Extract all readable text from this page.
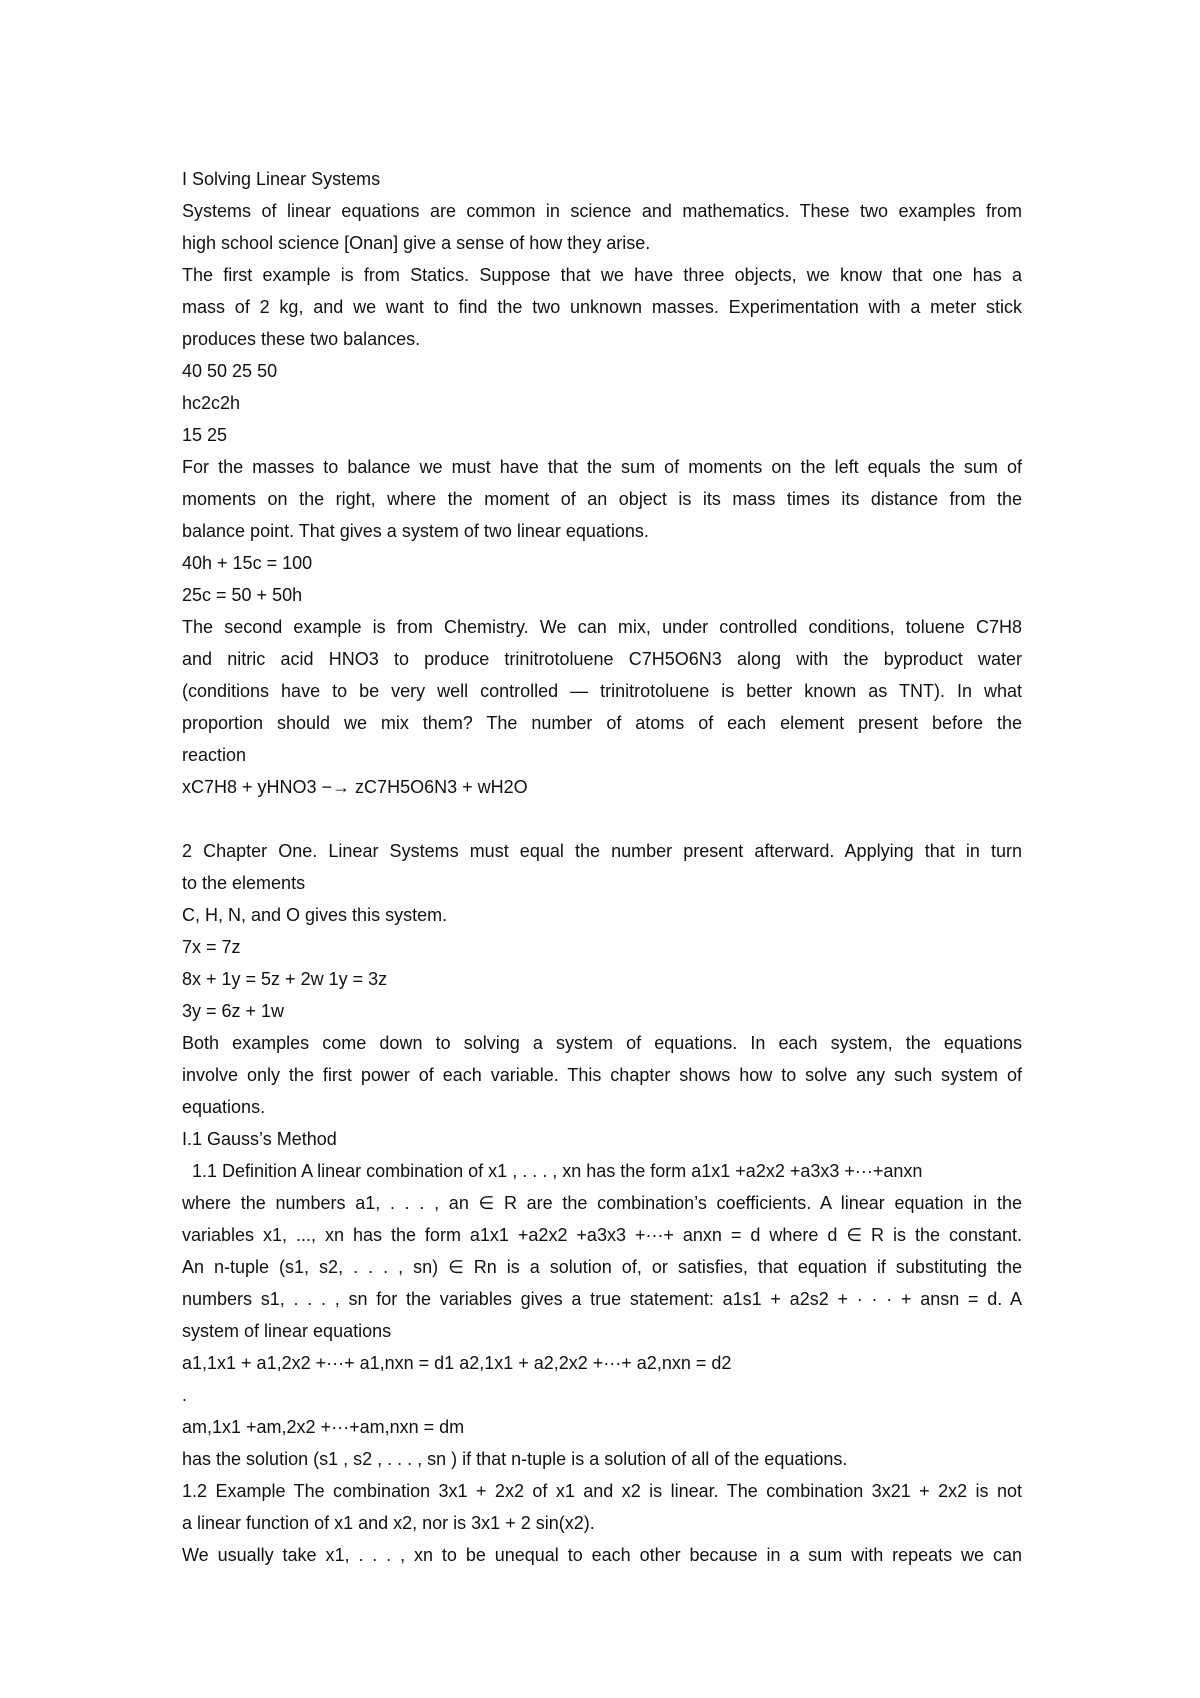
I Solving Linear Systems
Systems of linear equations are common in science and mathematics. These two examples from
high school science [Onan] give a sense of how they arise.
The first example is from Statics. Suppose that we have three objects, we know that one has a
mass of 2 kg, and we want to find the two unknown masses. Experimentation with a meter stick
produces these two balances.
40 50 25 50
hc2c2h
15 25
For the masses to balance we must have that the sum of moments on the left equals the sum of
moments on the right, where the moment of an object is its mass times its distance from the
balance point. That gives a system of two linear equations.
40h + 15c = 100
25c = 50 + 50h
The second example is from Chemistry. We can mix, under controlled conditions, toluene C7H8
and nitric acid HNO3 to produce trinitrotoluene C7H5O6N3 along with the byproduct water
(conditions have to be very well controlled — trinitrotoluene is better known as TNT). In what
proportion should we mix them? The number of atoms of each element present before the
reaction
xC7H8 + yHNO3 −→ zC7H5O6N3 + wH2O
2 Chapter One. Linear Systems must equal the number present afterward. Applying that in turn
to the elements
C, H, N, and O gives this system.
7x = 7z
8x + 1y = 5z + 2w 1y = 3z
3y = 6z + 1w
Both examples come down to solving a system of equations. In each system, the equations
involve only the first power of each variable. This chapter shows how to solve any such system of
equations.
I.1 Gauss’s Method
1.1 Definition A linear combination of x1 , . . . , xn has the form a1x1 +a2x2 +a3x3 +···+anxn
where the numbers a1, . . . , an ∈ R are the combination’s coefficients. A linear equation in the
variables x1, ..., xn has the form a1x1 +a2x2 +a3x3 +···+ anxn = d where d ∈ R is the constant.
An n-tuple (s1, s2, . . . , sn) ∈ Rn is a solution of, or satisfies, that equation if substituting the
numbers s1, . . . , sn for the variables gives a true statement: a1s1 + a2s2 + · · · + ansn = d. A
system of linear equations
a1,1x1 + a1,2x2 +···+ a1,nxn = d1 a2,1x1 + a2,2x2 +···+ a2,nxn = d2
.
am,1x1 +am,2x2 +···+am,nxn = dm
has the solution (s1 , s2 , . . . , sn ) if that n-tuple is a solution of all of the equations.
1.2 Example The combination 3x1 + 2x2 of x1 and x2 is linear. The combination 3x21 + 2x2 is not
a linear function of x1 and x2, nor is 3x1 + 2 sin(x2).
We usually take x1, . . . , xn to be unequal to each other because in a sum with repeats we can
